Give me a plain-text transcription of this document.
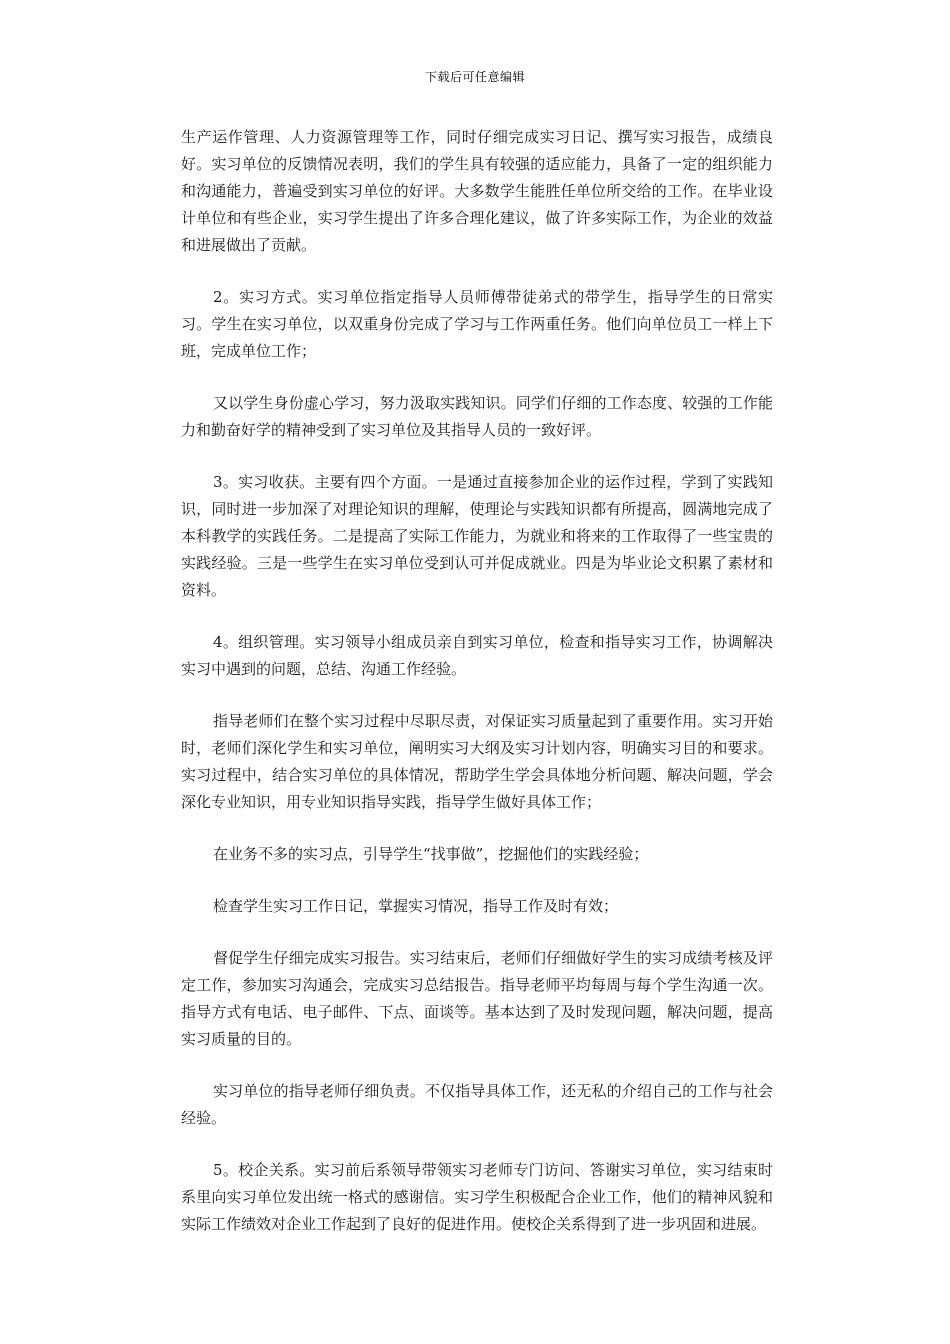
下载后可任意编辑

生产运作管理、人力资源管理等工作，同时仔细完成实习日记、撰写实习报告，成绩良好。实习单位的反馈情况表明，我们的学生具有较强的适应能力，具备了一定的组织能力和沟通能力，普遍受到实习单位的好评。大多数学生能胜任单位所交给的工作。在毕业设计单位和有些企业，实习学生提出了许多合理化建议，做了许多实际工作，为企业的效益和进展做出了贡献。

2。实习方式。实习单位指定指导人员师傅带徒弟式的带学生，指导学生的日常实习。学生在实习单位，以双重身份完成了学习与工作两重任务。他们向单位员工一样上下班，完成单位工作；

又以学生身份虚心学习，努力汲取实践知识。同学们仔细的工作态度、较强的工作能力和勤奋好学的精神受到了实习单位及其指导人员的一致好评。

3。实习收获。主要有四个方面。一是通过直接参加企业的运作过程，学到了实践知识，同时进一步加深了对理论知识的理解，使理论与实践知识都有所提高，圆满地完成了本科教学的实践任务。二是提高了实际工作能力，为就业和将来的工作取得了一些宝贵的实践经验。三是一些学生在实习单位受到认可并促成就业。四是为毕业论文积累了素材和资料。

4。组织管理。实习领导小组成员亲自到实习单位，检查和指导实习工作，协调解决实习中遇到的问题，总结、沟通工作经验。

指导老师们在整个实习过程中尽职尽责，对保证实习质量起到了重要作用。实习开始时，老师们深化学生和实习单位，阐明实习大纲及实习计划内容，明确实习目的和要求。实习过程中，结合实习单位的具体情况，帮助学生学会具体地分析问题、解决问题，学会深化专业知识，用专业知识指导实践，指导学生做好具体工作；

在业务不多的实习点，引导学生“找事做”，挖掘他们的实践经验；

检查学生实习工作日记，掌握实习情况，指导工作及时有效；

督促学生仔细完成实习报告。实习结束后，老师们仔细做好学生的实习成绩考核及评定工作，参加实习沟通会，完成实习总结报告。指导老师平均每周与每个学生沟通一次。指导方式有电话、电子邮件、下点、面谈等。基本达到了及时发现问题，解决问题，提高实习质量的目的。

实习单位的指导老师仔细负责。不仅指导具体工作，还无私的介绍自己的工作与社会经验。

5。校企关系。实习前后系领导带领实习老师专门访问、答谢实习单位，实习结束时系里向实习单位发出统一格式的感谢信。实习学生积极配合企业工作，他们的精神风貌和实际工作绩效对企业工作起到了良好的促进作用。使校企关系得到了进一步巩固和进展。
